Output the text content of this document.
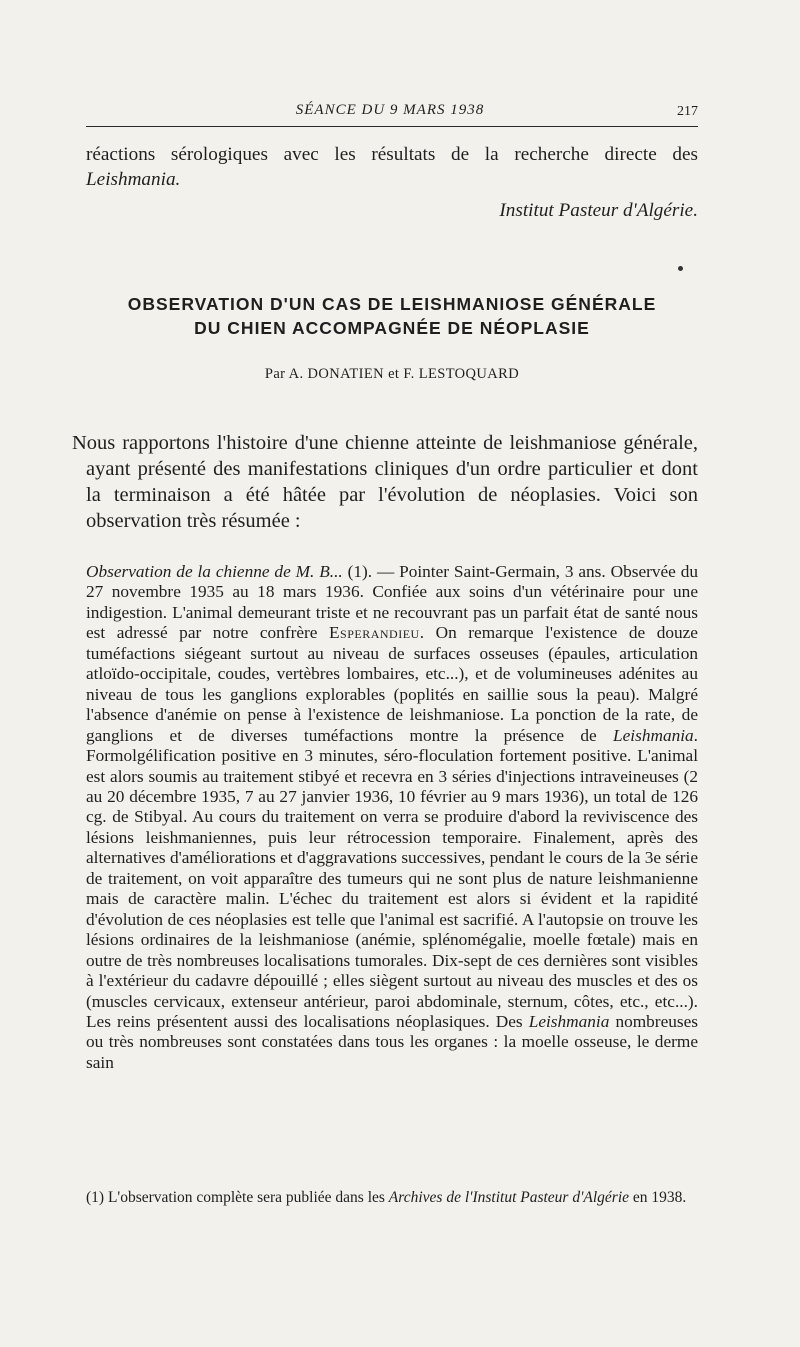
SÉANCE DU 9 MARS 1938	217

réactions sérologiques avec les résultats de la recherche directe des Leishmania.

Institut Pasteur d'Algérie.
OBSERVATION D'UN CAS DE LEISHMANIOSE GÉNÉRALE
DU CHIEN ACCOMPAGNÉE DE NÉOPLASIE
Par A. DONATIEN et F. LESTOQUARD

Nous rapportons l'histoire d'une chienne atteinte de leishmaniose générale, ayant présenté des manifestations cliniques d'un ordre particulier et dont la terminaison a été hâtée par l'évolution de néoplasies. Voici son observation très résumée :

Observation de la chienne de M. B... (1). — Pointer Saint-Germain, 3 ans. Observée du 27 novembre 1935 au 18 mars 1936. Confiée aux soins d'un vétérinaire pour une indigestion. L'animal demeurant triste et ne recouvrant pas un parfait état de santé nous est adressé par notre confrère Esperandieu. On remarque l'existence de douze tuméfactions siégeant surtout au niveau de surfaces osseuses (épaules, articulation atloïdo-occipitale, coudes, vertèbres lombaires, etc...), et de volumineuses adénites au niveau de tous les ganglions explorables (poplités en saillie sous la peau). Malgré l'absence d'anémie on pense à l'existence de leishmaniose. La ponction de la rate, de ganglions et de diverses tuméfactions montre la présence de Leishmania. Formolgélification positive en 3 minutes, séro-floculation fortement positive. L'animal est alors soumis au traitement stibyé et recevra en 3 séries d'injections intraveineuses (2 au 20 décembre 1935, 7 au 27 janvier 1936, 10 février au 9 mars 1936), un total de 126 cg. de Stibyal. Au cours du traitement on verra se produire d'abord la reviviscence des lésions leishmaniennes, puis leur rétrocession temporaire. Finalement, après des alternatives d'améliorations et d'aggravations successives, pendant le cours de la 3e série de traitement, on voit apparaître des tumeurs qui ne sont plus de nature leishmanienne mais de caractère malin. L'échec du traitement est alors si évident et la rapidité d'évolution de ces néoplasies est telle que l'animal est sacrifié. A l'autopsie on trouve les lésions ordinaires de la leishmaniose (anémie, splénomégalie, moelle fœtale) mais en outre de très nombreuses localisations tumorales. Dix-sept de ces dernières sont visibles à l'extérieur du cadavre dépouillé ; elles siègent surtout au niveau des muscles et des os (muscles cervicaux, extenseur antérieur, paroi abdominale, sternum, côtes, etc., etc...). Les reins présentent aussi des localisations néoplasiques. Des Leishmania nombreuses ou très nombreuses sont constatées dans tous les organes : la moelle osseuse, le derme sain

(1) L'observation complète sera publiée dans les Archives de l'Institut Pasteur d'Algérie en 1938.
